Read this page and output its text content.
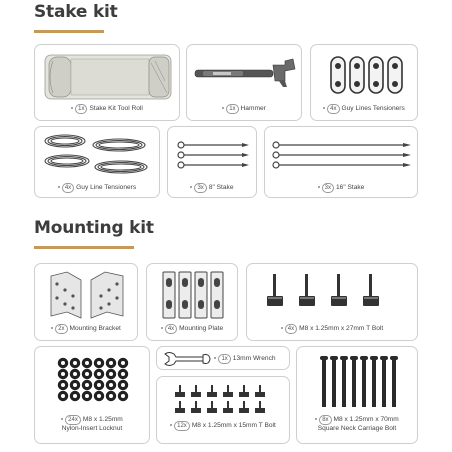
Stake kit
1x Stake Kit Tool Roll	1x Hammer	4x Guy Lines Tensioners
4x Guy Line Tensioners	3x 8" Stake	3x 16" Stake
Mounting kit
2x Mounting Bracket	4x Mounting Plate	4x M8 x 1.25mm x 27mm T Bolt
24x M8 x 1.25mm
Nylon-Insert Locknut
1x 13mm Wrench
12x M8 x 1.25mm x 15mm T Bolt
8x M8 x 1.25mm x 70mm
Square Neck Carriage Bolt
